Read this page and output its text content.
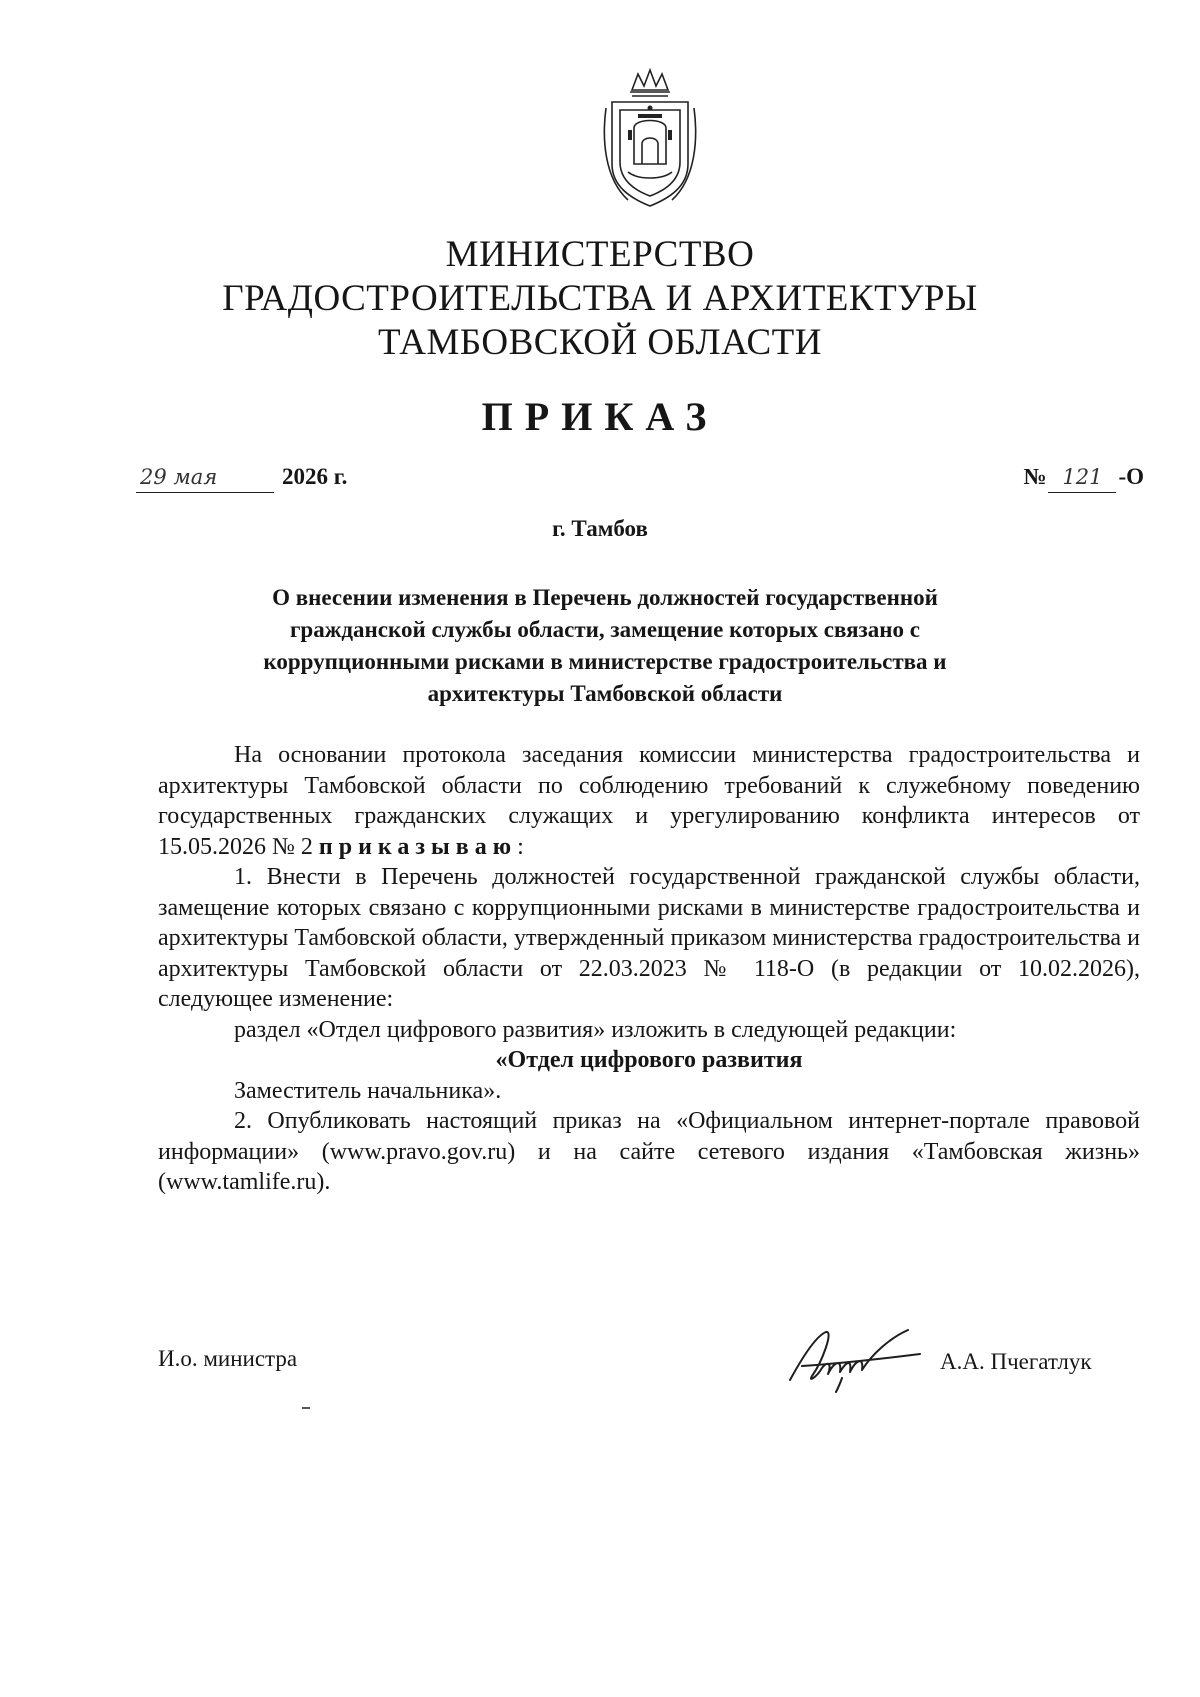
МИНИСТЕРСТВО
ГРАДОСТРОИТЕЛЬСТВА И АРХИТЕКТУРЫ
ТАМБОВСКОЙ ОБЛАСТИ
ПРИКАЗ
29 мая	2026 г.	№ 121 -О
г. Тамбов
О внесении изменения в Перечень должностей государственной
гражданской службы области, замещение которых связано с
коррупционными рисками в министерстве градостроительства и
архитектуры Тамбовской области

На основании протокола заседания комиссии министерства градостроительства и архитектуры Тамбовской области по соблюдению требований к служебному поведению государственных гражданских служащих и урегулированию конфликта интересов от 15.05.2026 № 2 приказываю:

1. Внести в Перечень должностей государственной гражданской службы области, замещение которых связано с коррупционными рисками в министерстве градостроительства и архитектуры Тамбовской области, утвержденный приказом министерства градостроительства и архитектуры Тамбовской области от 22.03.2023 № 118-О (в редакции от 10.02.2026), следующее изменение:

раздел «Отдел цифрового развития» изложить в следующей редакции:

«Отдел цифрового развития

Заместитель начальника».

2. Опубликовать настоящий приказ на «Официальном интернет-портале правовой информации» (www.pravo.gov.ru) и на сайте сетевого издания «Тамбовская жизнь» (www.tamlife.ru).

И.о. министра	А.А. Пчегатлук
